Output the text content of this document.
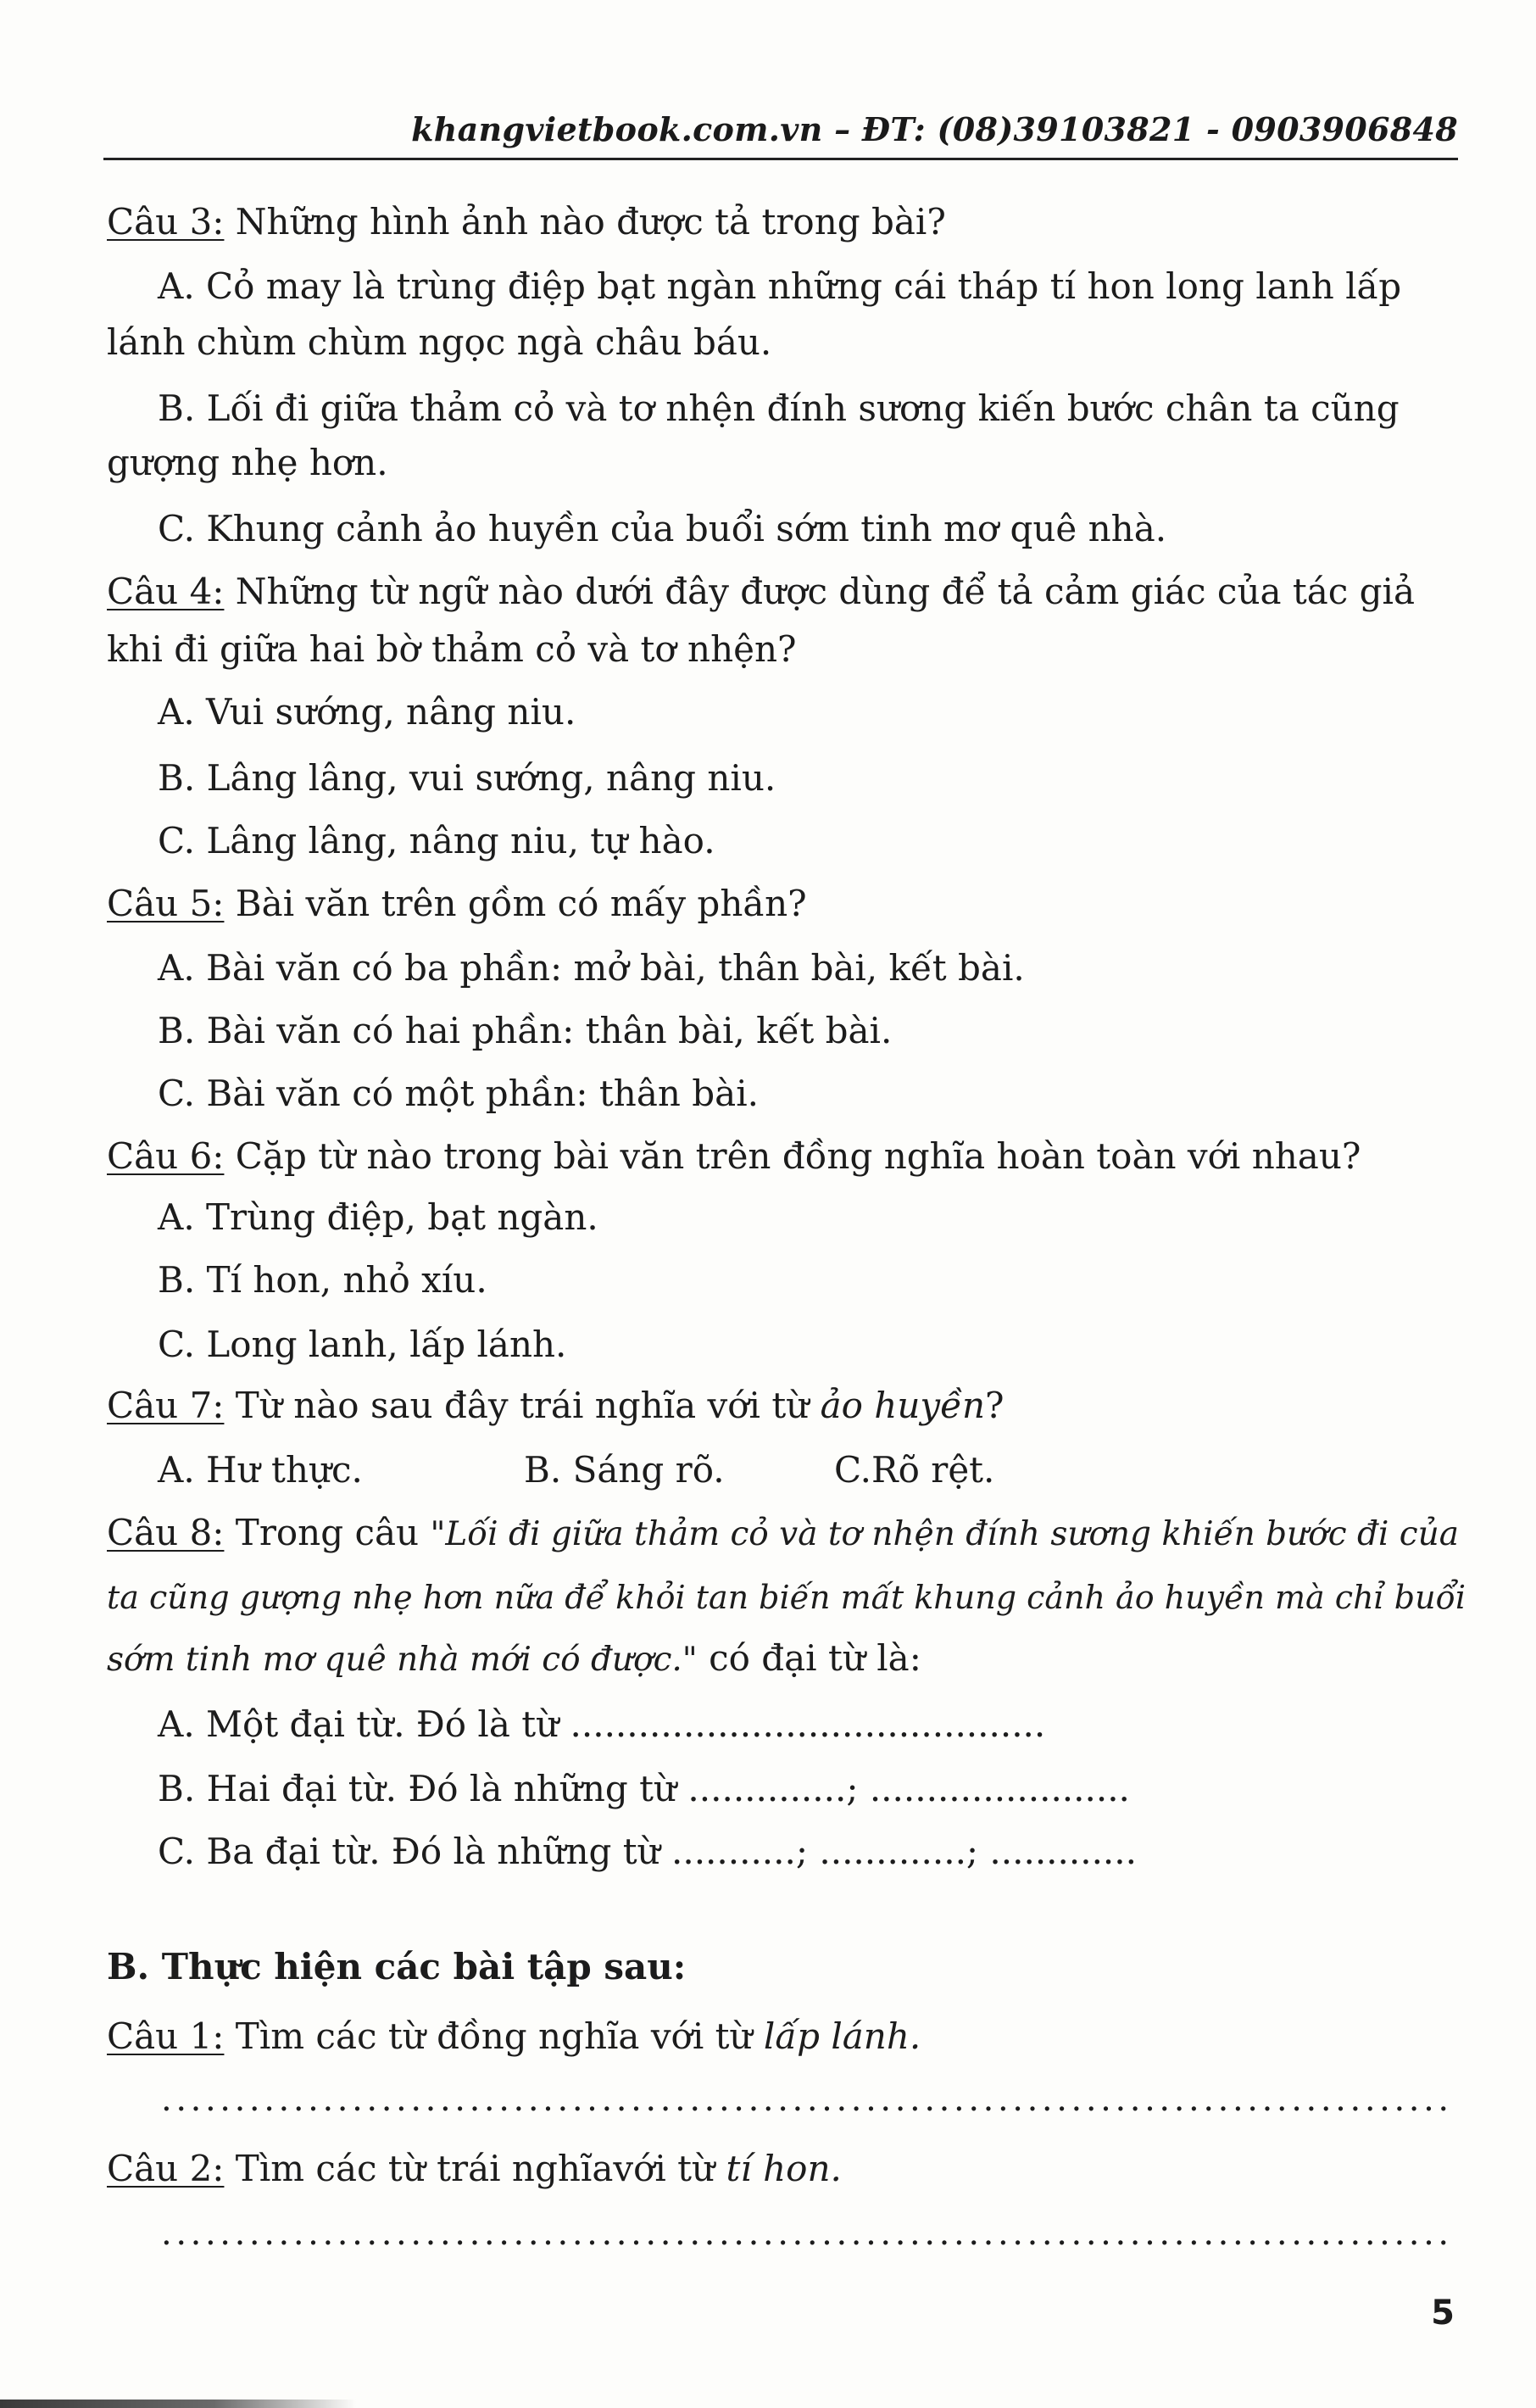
khangvietbook.com.vn – ĐT: (08)39103821 - 0903906848
Câu 3: Những hình ảnh nào được tả trong bài?
A. Cỏ may là trùng điệp bạt ngàn những cái tháp tí hon long lanh lấp
lánh chùm chùm ngọc ngà châu báu.
B. Lối đi giữa thảm cỏ và tơ nhện đính sương kiến bước chân ta cũng
gượng nhẹ hơn.
C. Khung cảnh ảo huyền của buổi sớm tinh mơ quê nhà.
Câu 4: Những từ ngữ nào dưới đây được dùng để tả cảm giác của tác giả
khi đi giữa hai bờ thảm cỏ và tơ nhện?
A. Vui sướng, nâng niu.
B. Lâng lâng, vui sướng, nâng niu.
C. Lâng lâng, nâng niu, tự hào.
Câu 5: Bài văn trên gồm có mấy phần?
A. Bài văn có ba phần: mở bài, thân bài, kết bài.
B. Bài văn có hai phần: thân bài, kết bài.
C. Bài văn có một phần: thân bài.
Câu 6: Cặp từ nào trong bài văn trên đồng nghĩa hoàn toàn với nhau?
A. Trùng điệp, bạt ngàn.
B. Tí hon, nhỏ xíu.
C. Long lanh, lấp lánh.
Câu 7: Từ nào sau đây trái nghĩa với từ ảo huyền?
A. Hư thực.	B. Sáng rõ.	C.Rõ rệt.
Câu 8: Trong câu "Lối đi giữa thảm cỏ và tơ nhện đính sương khiến bước đi của
ta cũng gượng nhẹ hơn nữa để khỏi tan biến mất khung cảnh ảo huyền mà chỉ buổi
sớm tinh mơ quê nhà mới có được." có đại từ là:
A. Một đại từ. Đó là từ ..........................................
B. Hai đại từ. Đó là những từ ..............; .......................
C. Ba đại từ. Đó là những từ ...........; .............; .............
B. Thực hiện các bài tập sau:
Câu 1: Tìm các từ đồng nghĩa với từ lấp lánh.
........................................................................................
Câu 2: Tìm các từ trái nghĩavới từ tí hon.
........................................................................................
5
